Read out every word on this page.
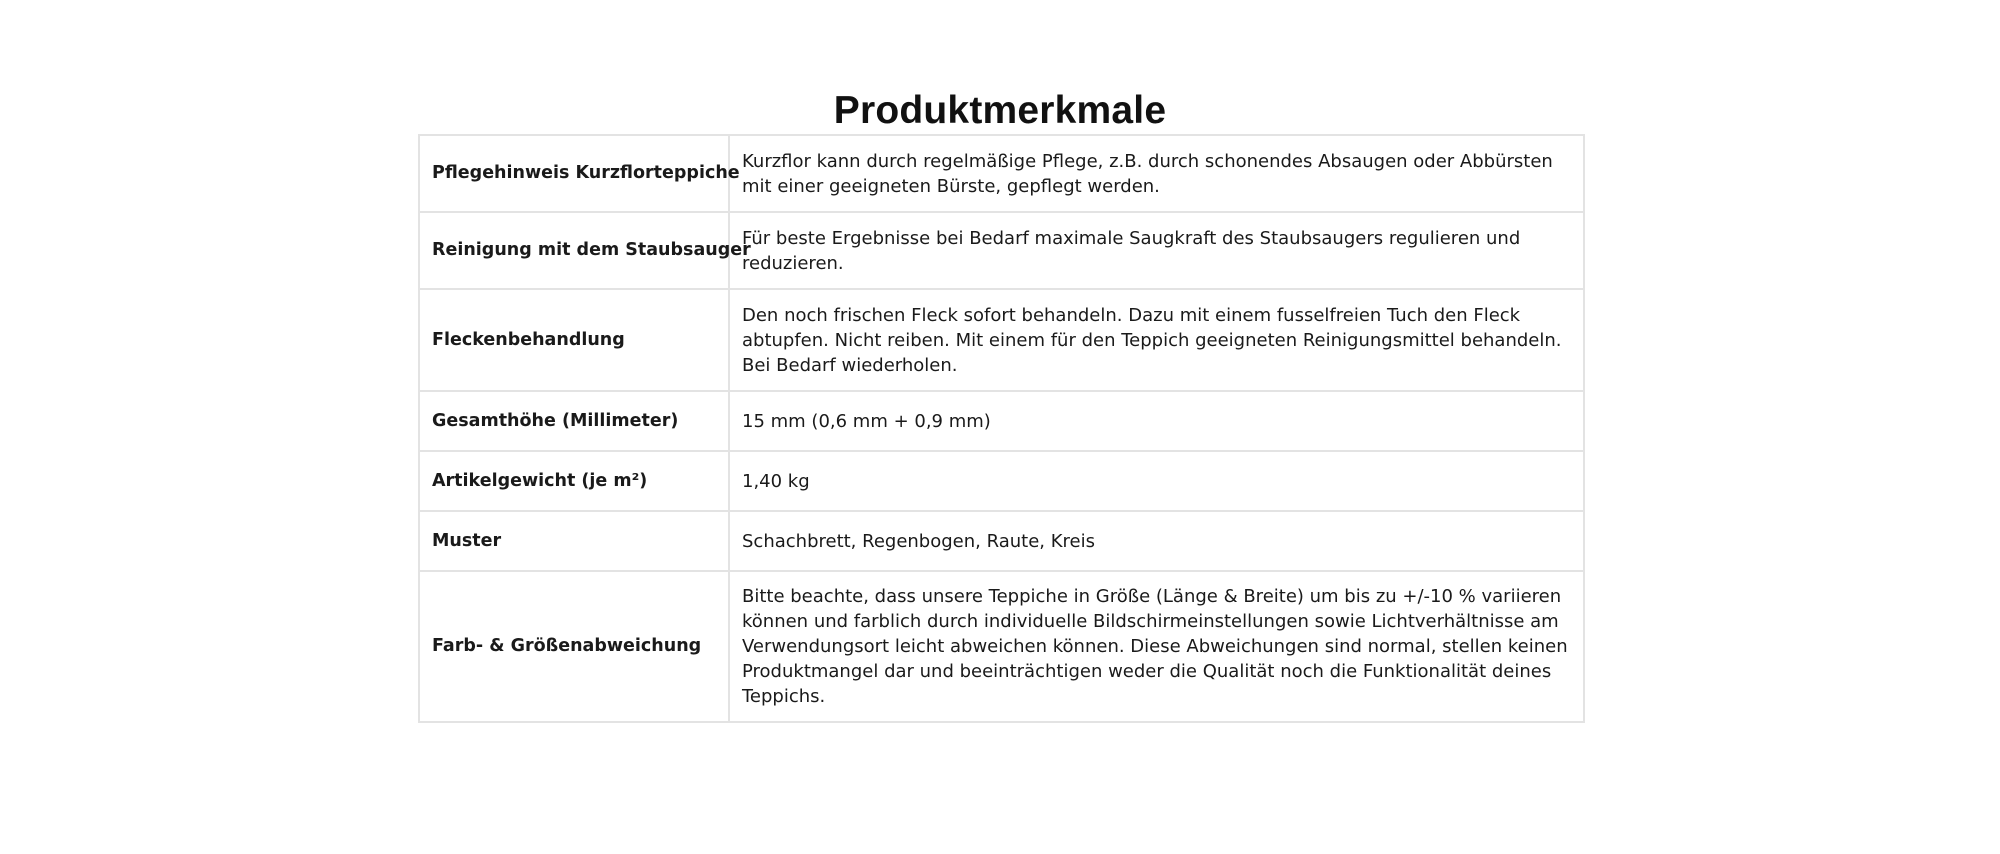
Produktmerkmale
Pflegehinweis Kurzflorteppiche	Kurzflor kann durch regelmäßige Pflege, z.B. durch schonendes Absaugen oder Abbürsten mit einer geeigneten Bürste, gepflegt werden.
Reinigung mit dem Staubsauger	Für beste Ergebnisse bei Bedarf maximale Saugkraft des Staubsaugers regulieren und reduzieren.
Fleckenbehandlung	Den noch frischen Fleck sofort behandeln. Dazu mit einem fusselfreien Tuch den Fleck abtupfen. Nicht reiben. Mit einem für den Teppich geeigneten Reinigungsmittel behandeln. Bei Bedarf wiederholen.
Gesamthöhe (Millimeter)	15 mm (0,6 mm + 0,9 mm)
Artikelgewicht (je m²)	1,40 kg
Muster	Schachbrett, Regenbogen, Raute, Kreis
Farb- & Größenabweichung	Bitte beachte, dass unsere Teppiche in Größe (Länge & Breite) um bis zu +/-10 % variieren können und farblich durch individuelle Bildschirmeinstellungen sowie Lichtverhältnisse am Verwendungsort leicht abweichen können. Diese Abweichungen sind normal, stellen keinen Produktmangel dar und beeinträchtigen weder die Qualität noch die Funktionalität deines Teppichs.
